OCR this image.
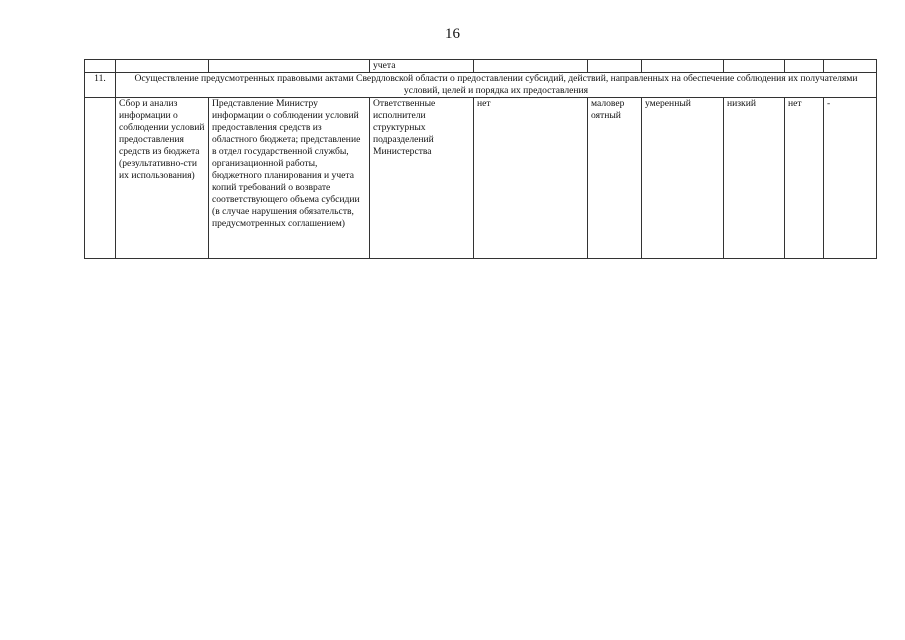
16
			учета						
11.	Осуществление предусмотренных правовыми актами Свердловской области о предоставлении субсидий, действий, направленных на обеспечение соблюдения их получателями условий, целей и порядка их предоставления								
	Сбор и анализ информации о соблюдении условий предоставления средств из бюджета (результативно-сти их использования)	Представление Министру информации о соблюдении условий предоставления средств из областного бюджета; представление в отдел государственной службы, организационной работы, бюджетного планирования и учета копий требований о возврате соответствующего объема субсидии (в случае нарушения обязательств, предусмотренных соглашением)	Ответственные исполнители структурных подразделений Министерства	нет	маловер оятный	умеренный	низкий	нет	-
